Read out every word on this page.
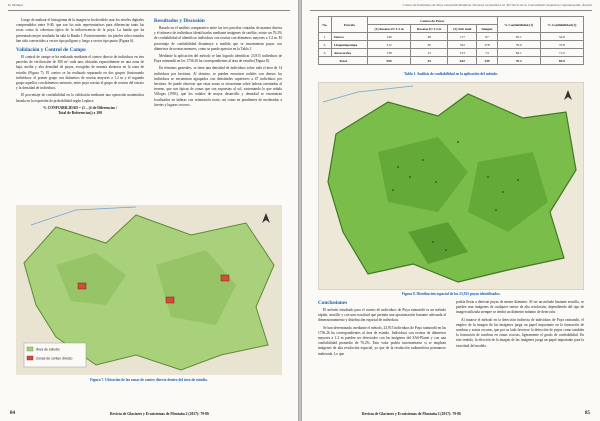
D. Mallqui

Luego de analizar el histograma de la imagen se ha decidido usar los niveles digitales comprendidos entre 0-40, que son los más representativos para diferenciar tanto las rocas como la cobertura típica de la inflorescencia de la puya. La banda que ha presentado mejor resultado ha sido la Banda 1. Posteriormente, los píxeles seleccionados han sido convertidos a vector tipo polígono y luego a vector tipo punto (Figura 6).

Validación y Control de Campo

El control de campo se ha realizado mediante el conteo directo de individuos en tres parcelas de verificación de 300 m² cada una, ubicadas espacialmente en una zona de baja, media y alta densidad de puyas, escogidas de manera aleatoria en la zona de estudio (Figura 7). El conteo se ha realizado separando en dos grupos (fusionando individuos: el primer grupo con diámetros de rosetas mayores a 1.2 m y el segundo grupo aquellos con diámetros menores, entre puya rosetas el grupo de rosetas del estrato y la densidad de individuos.

El porcentaje de confiabilidad en la validación mediante una operación matemática basada en la expresión de probabilidad según Laplace.

% CONFIABILIDAD = (1 – (# de Diferencias /
Total de Referencias)) x 100
Resultados y Discusión

Basado en el análisis comparativo entre las tres parcelas contadas de manera directa y el número de individuos identificados mediante imágenes de satélite, existe un 76.2% de confiabilidad al identificar individuos con rosetas con diámetros mayores a 1.2 m. El porcentaje de confiabilidad disminuye a medida que se incrementan puyas con diámetros de rosetas menores, como se puede apreciar en la Tabla 1.

Mediante la aplicación del método se han logrado identificar 23,915 individuos de Puya raimondii en los 1736.26 ha correspondientes al área de estudio (Figura 8).

En términos generales, se tiene una densidad de individuos sobre toda el área de 14 individuos por hectárea. Al término, se pueden encontrar rodales con densos los individuos se encuentran agrupados con densidades superiores a 47 individuos por hectárea. Se puede observar que estas zonas se encuentran sobre laderas orientadas al terreno, que son típicas de zonas que son expuestas al sol, sustentando lo que señala Villegas (1993), que los rodales de mayor desarrollo y densidad se encuentran localizados en laderas con orientación norte, así como en pendientes de moderadas a fuertes y lugares rocosos.

Área de estudio
Zonas de conteo directo
Figura 7. Ubicación de las zonas de conteo directo dentro del área de estudio.
84	Revista de Glaciares y Ecosistemas de Montaña 2 (2017): 79-86
Conteo de Individuos de Puya raimondii Mediante Técnicas Geomáticas en Territorio de la Comunidad Campesina Cajamarquilla, Áncash
No.	Parcela	Conteo de Puyas				% Confiabilidad (1)	% Confiabilidad (2)
		(1) Rosetas D>1.2 m	Rosetas D<1.2 m	(2) Sub total	Imagen		
1.	Jancco	149	48	177	97	65.1	54.8
2.	Llaquashpampa	312	30	342	278	79.0	70.8
3.	Ancococcha	138	15	153	74	84.1	71.0
Total		599	43	642	449	76.2	69.9
Tabla 1. Análisis de confiabilidad en la aplicación del método.
Figura 8. Distribución espacial de los 23,915 puyas identificados.
Conclusiones

El método estudiado para el conteo de individuos de Puya raimondii es un método rápido, sencillo y con una exactitud que permite una aproximación bastante adecuada al dimensionamiento y distribución espacial de individuos.

Se han determinado, mediante el método, 23,915 individuos de Puya raimondii en las 1736.26 ha correspondientes al área de estudio. Individuos con rosetas de diámetros mayores a 1.2 m pueden ser detectados con las imágenes del SAS-Planet y con una confiabilidad promedio de 76.2%. Esto valor podría incrementarse si se emplean imágenes de alta resolución espacial, ya que de la resolución radiométrica permanece inalterada. Lo que

podría llevar a detectar puyas de menor diámetro. Al ser un método bastante sencillo, se pueden usar imágenes de cualquier sensor de alta resolución, dependiendo del tipo de imagen utilizada siempre se tendrá un diámetro mínimo de detección.

Al tratarse el método en la detección indirecta de individuos de Puya raimondii, el empleo de la imagen de las imágenes juega un papel importante en la formación de sombras y zonas oscuras, que por su lado favorece la detección de puyas como también la formación de sombras en zonas rocosas, ligeramente el grado de confiabilidad. En este sentido, la elección de la imagen de las imágenes juega un papel importante para la exactitud del modelo.

Revista de Glaciares y Ecosistemas de Montaña 2 (2017): 79-86	85
